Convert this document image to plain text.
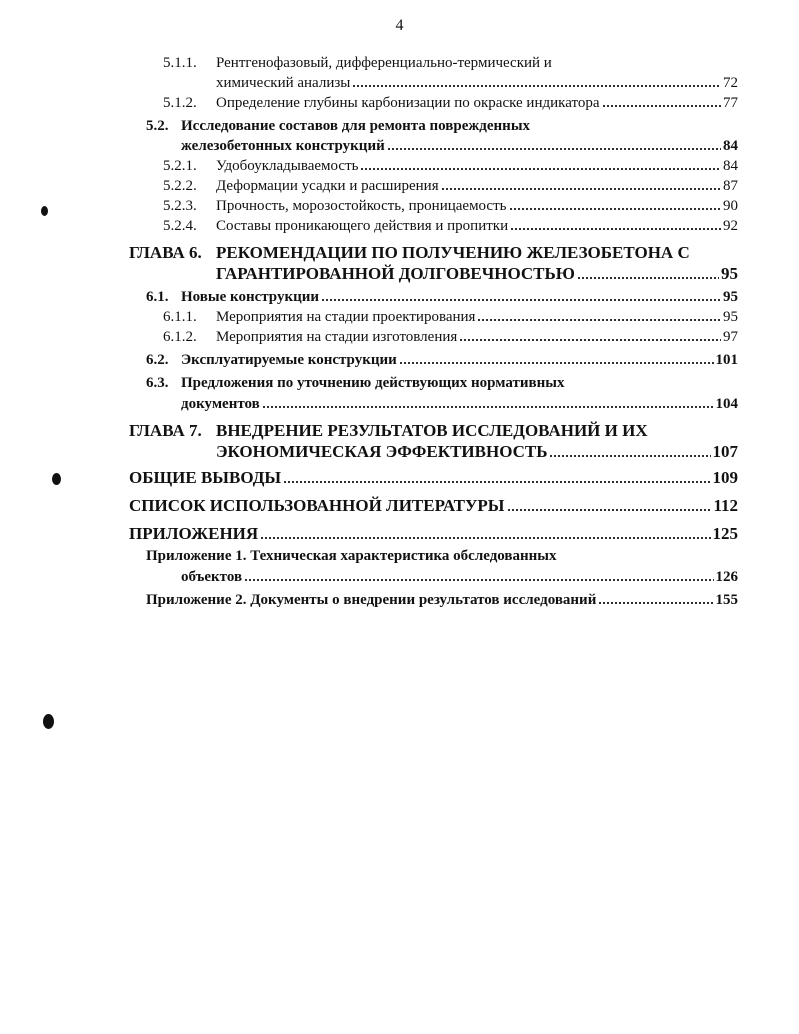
4
5.1.1.	Рентгенофазовый, дифференциально-термический и
химический анализы	72
5.1.2.	Определение глубины карбонизации по окраске индикатора	77
5.2. Исследование составов для ремонта поврежденных
железобетонных конструкций	84
5.2.1.	Удобоукладываемость	84
5.2.2.	Деформации усадки и расширения	87
5.2.3.	Прочность, морозостойкость, проницаемость	90
5.2.4.	Составы проникающего действия и пропитки	92
ГЛАВА 6. РЕКОМЕНДАЦИИ ПО ПОЛУЧЕНИЮ ЖЕЛЕЗОБЕТОНА С
ГАРАНТИРОВАННОЙ ДОЛГОВЕЧНОСТЬЮ	95
6.1. Новые конструкции	95
6.1.1.	Мероприятия на стадии проектирования	95
6.1.2.	Мероприятия на стадии изготовления	97
6.2. Эксплуатируемые конструкции	101
6.3. Предложения по уточнению действующих нормативных
документов	104
ГЛАВА 7. ВНЕДРЕНИЕ РЕЗУЛЬТАТОВ ИССЛЕДОВАНИЙ И ИХ
ЭКОНОМИЧЕСКАЯ ЭФФЕКТИВНОСТЬ	107
ОБЩИЕ ВЫВОДЫ	109
СПИСОК ИСПОЛЬЗОВАННОЙ ЛИТЕРАТУРЫ	112
ПРИЛОЖЕНИЯ	125
Приложение 1. Техническая характеристика обследованных
объектов	126
Приложение 2. Документы о внедрении результатов исследований	155
